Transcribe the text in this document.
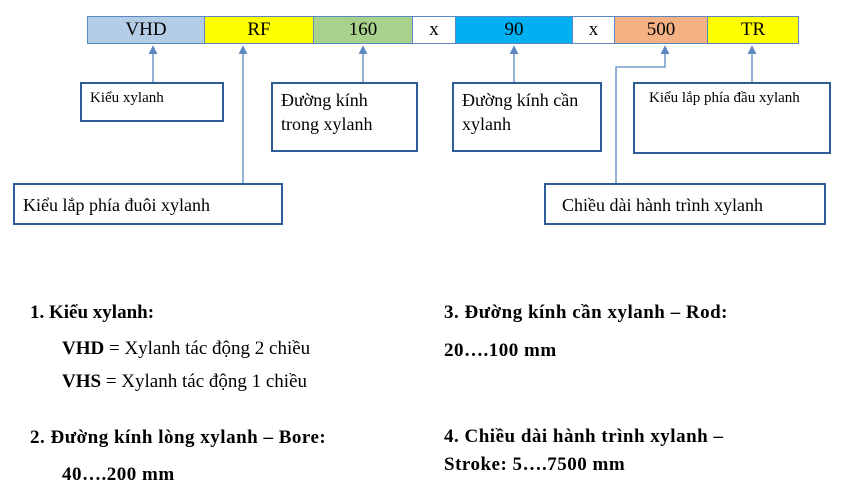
VHD	RF	160	x	90	x	500	TR
Kiểu xylanh	Đường kính trong xylanh
Đường kính cần xylanh
Kiểu lắp phía đầu xylanh
Kiểu lắp phía đuôi xylanh	Chiều dài hành trình xylanh
1. Kiểu xylanh:
VHD = Xylanh tác động 2 chiều
VHS = Xylanh tác động 1 chiều
2. Đường kính lòng xylanh – Bore:
40….200 mm
3. Đường kính cần xylanh – Rod:
20….100 mm
4. Chiều dài hành trình xylanh –
Stroke: 5….7500 mm
